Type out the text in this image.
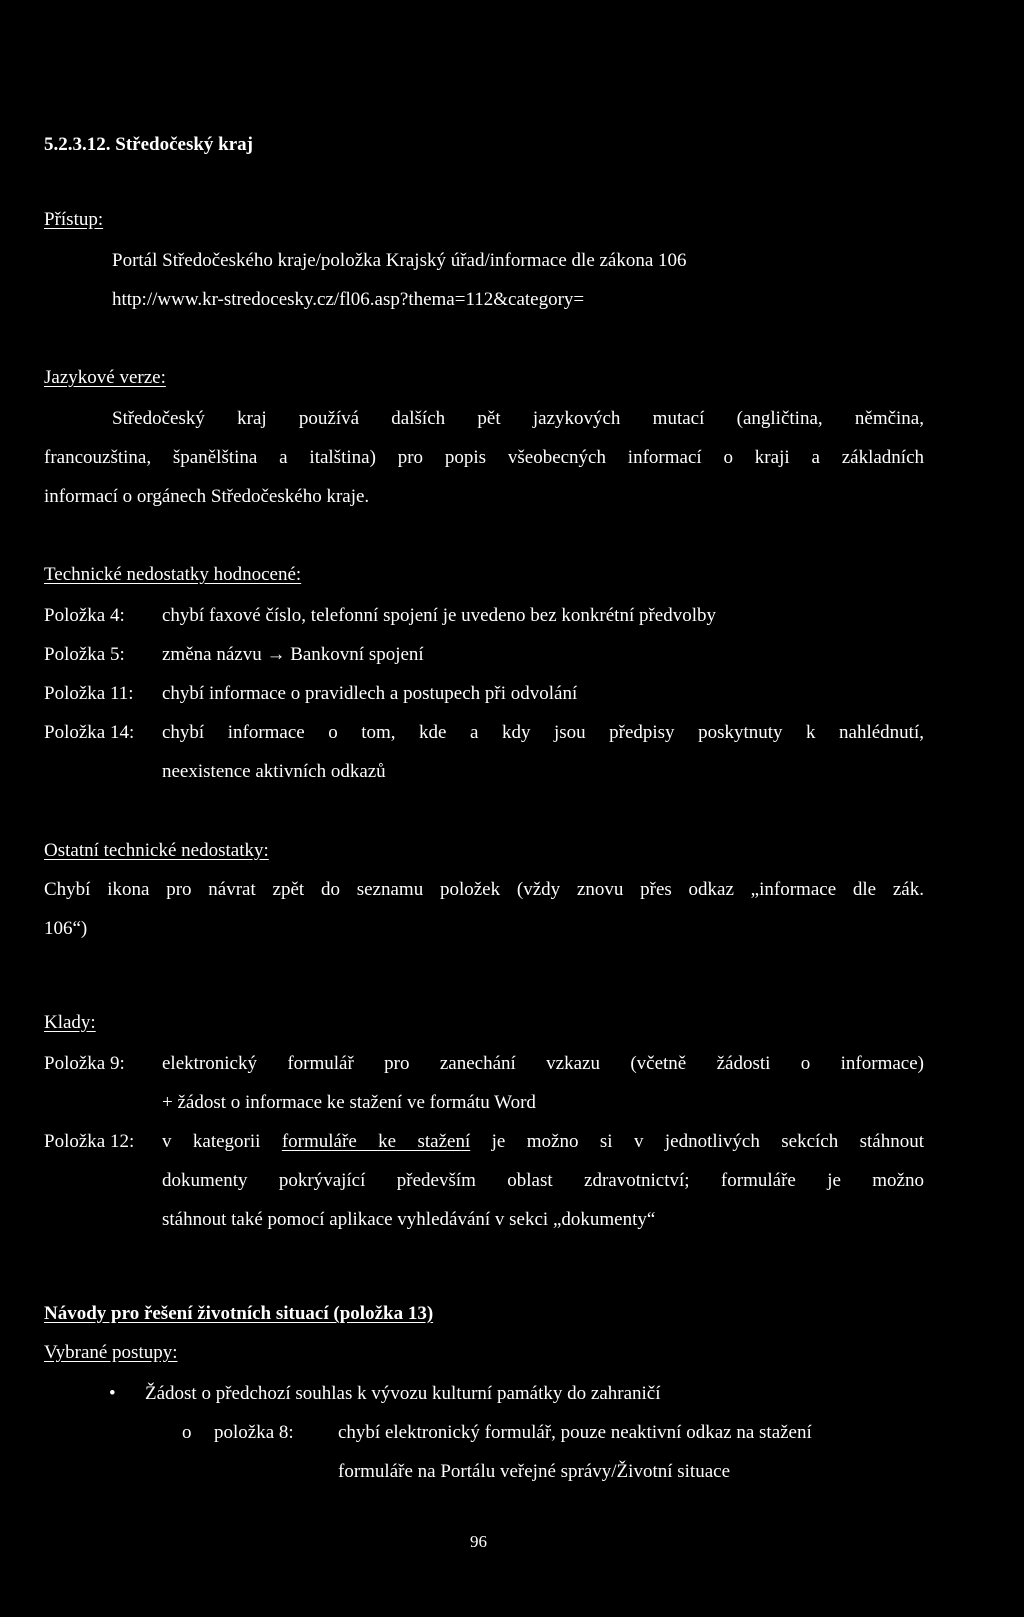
5.2.3.12. Středočeský kraj
Přístup:
Portál Středočeského kraje/položka Krajský úřad/informace dle zákona 106
http://www.kr-stredocesky.cz/fl06.asp?thema=112&category=
Jazykové verze:
Středočeský kraj používá dalších pět jazykových mutací (angličtina, němčina,
francouzština, španělština a italština) pro popis všeobecných informací o kraji a základních
informací o orgánech Středočeského kraje.
Technické nedostatky hodnocené:
Položka 4: chybí faxové číslo, telefonní spojení je uvedeno bez konkrétní předvolby
Položka 5: změna názvu → Bankovní spojení
Položka 11: chybí informace o pravidlech a postupech při odvolání
Položka 14: chybí informace o tom, kde a kdy jsou předpisy poskytnuty k nahlédnutí,
neexistence aktivních odkazů
Ostatní technické nedostatky:
Chybí ikona pro návrat zpět do seznamu položek (vždy znovu přes odkaz „informace dle zák.
106“)
Klady:
Položka 9: elektronický formulář pro zanechání vzkazu (včetně žádosti o informace)
+ žádost o informace ke stažení ve formátu Word
Položka 12: v kategorii formuláře ke stažení je možno si v jednotlivých sekcích stáhnout
dokumenty pokrývající především oblast zdravotnictví; formuláře je možno
stáhnout také pomocí aplikace vyhledávání v sekci „dokumenty“
Návody pro řešení životních situací (položka 13)
Vybrané postupy:
• Žádost o předchozí souhlas k vývozu kulturní památky do zahraničí
o položka 8: chybí elektronický formulář, pouze neaktivní odkaz na stažení
formuláře na Portálu veřejné správy/Životní situace
96
